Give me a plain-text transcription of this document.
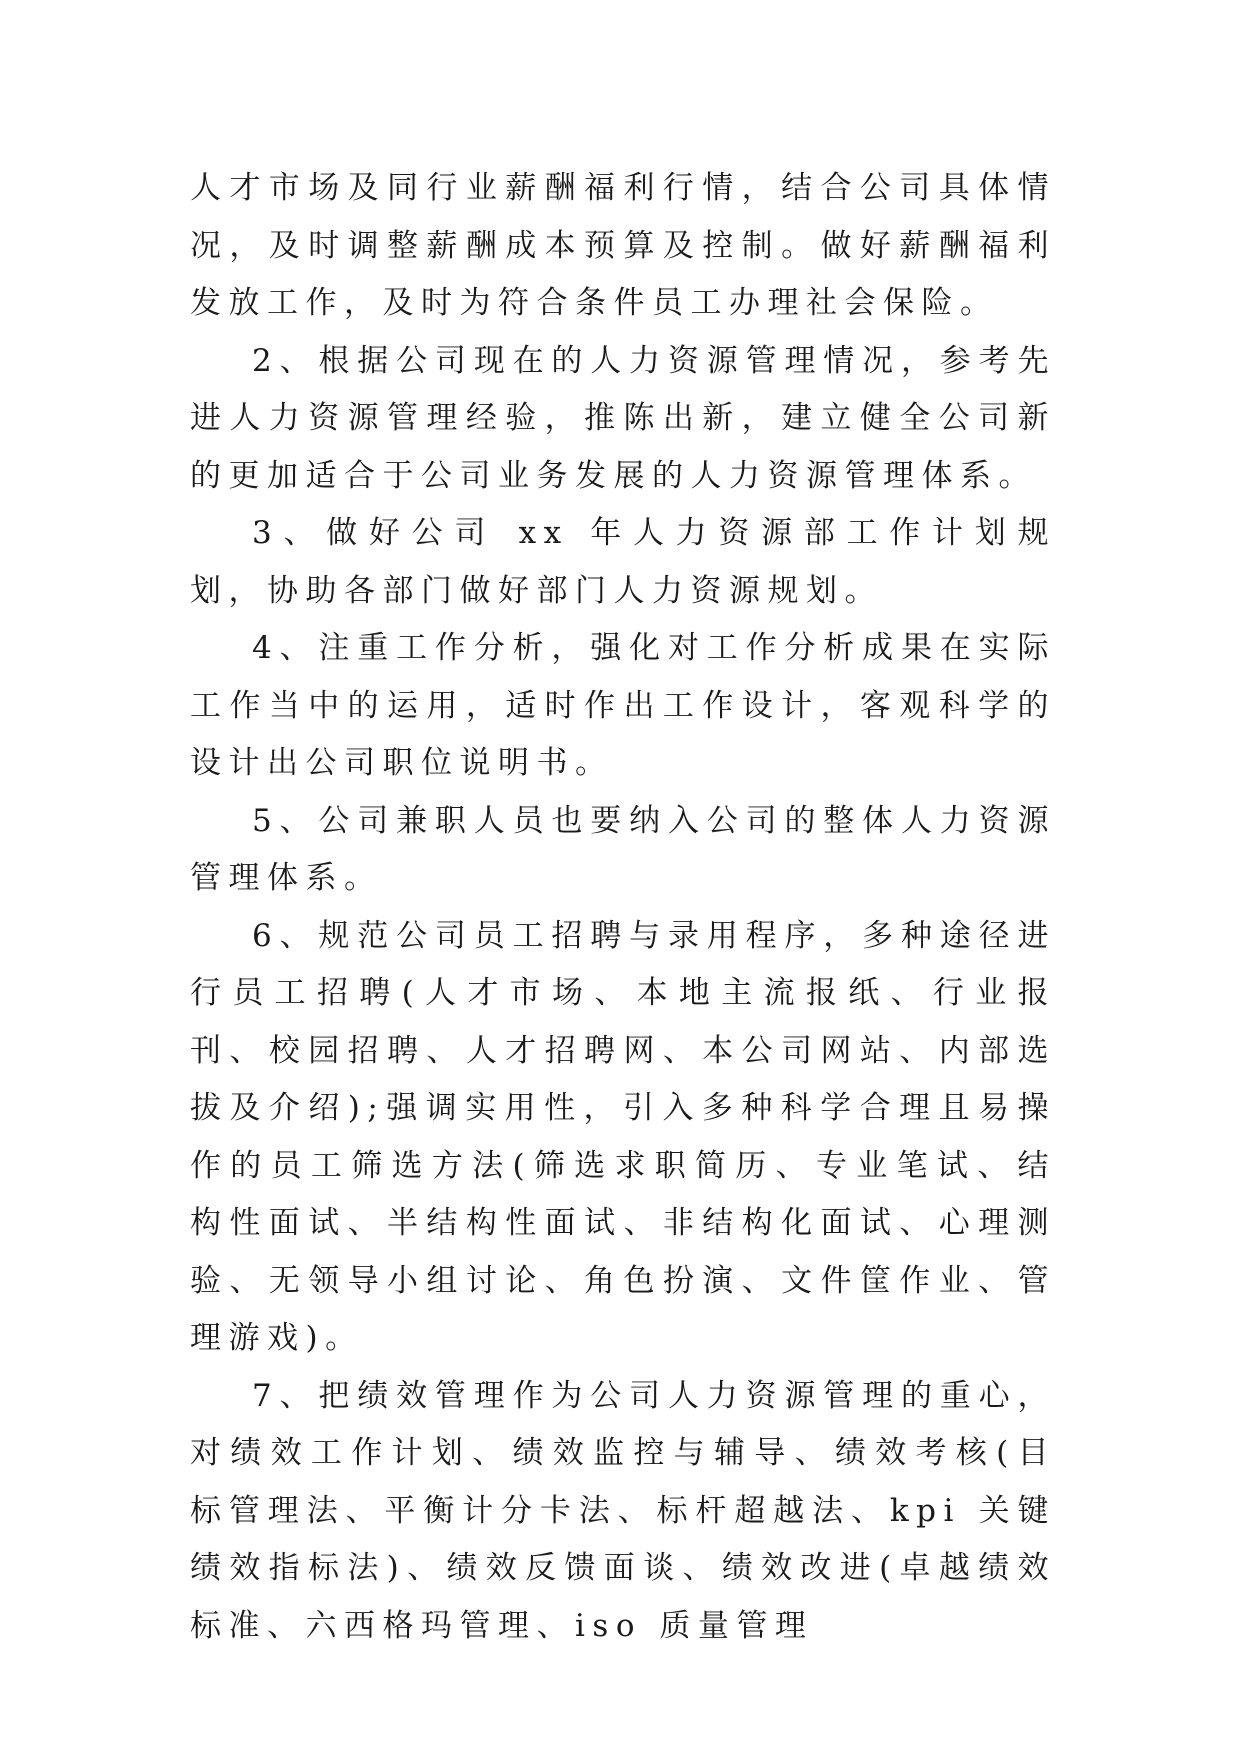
人才市场及同行业薪酬福利行情，结合公司具体情况，及时调整薪酬成本预算及控制。做好薪酬福利发放工作，及时为符合条件员工办理社会保险。

2、根据公司现在的人力资源管理情况，参考先进人力资源管理经验，推陈出新，建立健全公司新的更加适合于公司业务发展的人力资源管理体系。

3、做好公司 xx 年人力资源部工作计划规划，协助各部门做好部门人力资源规划。

4、注重工作分析，强化对工作分析成果在实际工作当中的运用，适时作出工作设计，客观科学的设计出公司职位说明书。

5、公司兼职人员也要纳入公司的整体人力资源管理体系。

6、规范公司员工招聘与录用程序，多种途径进行员工招聘(人才市场、本地主流报纸、行业报刊、校园招聘、人才招聘网、本公司网站、内部选拔及介绍);强调实用性，引入多种科学合理且易操作的员工筛选方法(筛选求职简历、专业笔试、结构性面试、半结构性面试、非结构化面试、心理测验、无领导小组讨论、角色扮演、文件筐作业、管理游戏)。

7、把绩效管理作为公司人力资源管理的重心，对绩效工作计划、绩效监控与辅导、绩效考核(目标管理法、平衡计分卡法、标杆超越法、kpi 关键绩效指标法)、绩效反馈面谈、绩效改进(卓越绩效标准、六西格玛管理、iso 质量管理
